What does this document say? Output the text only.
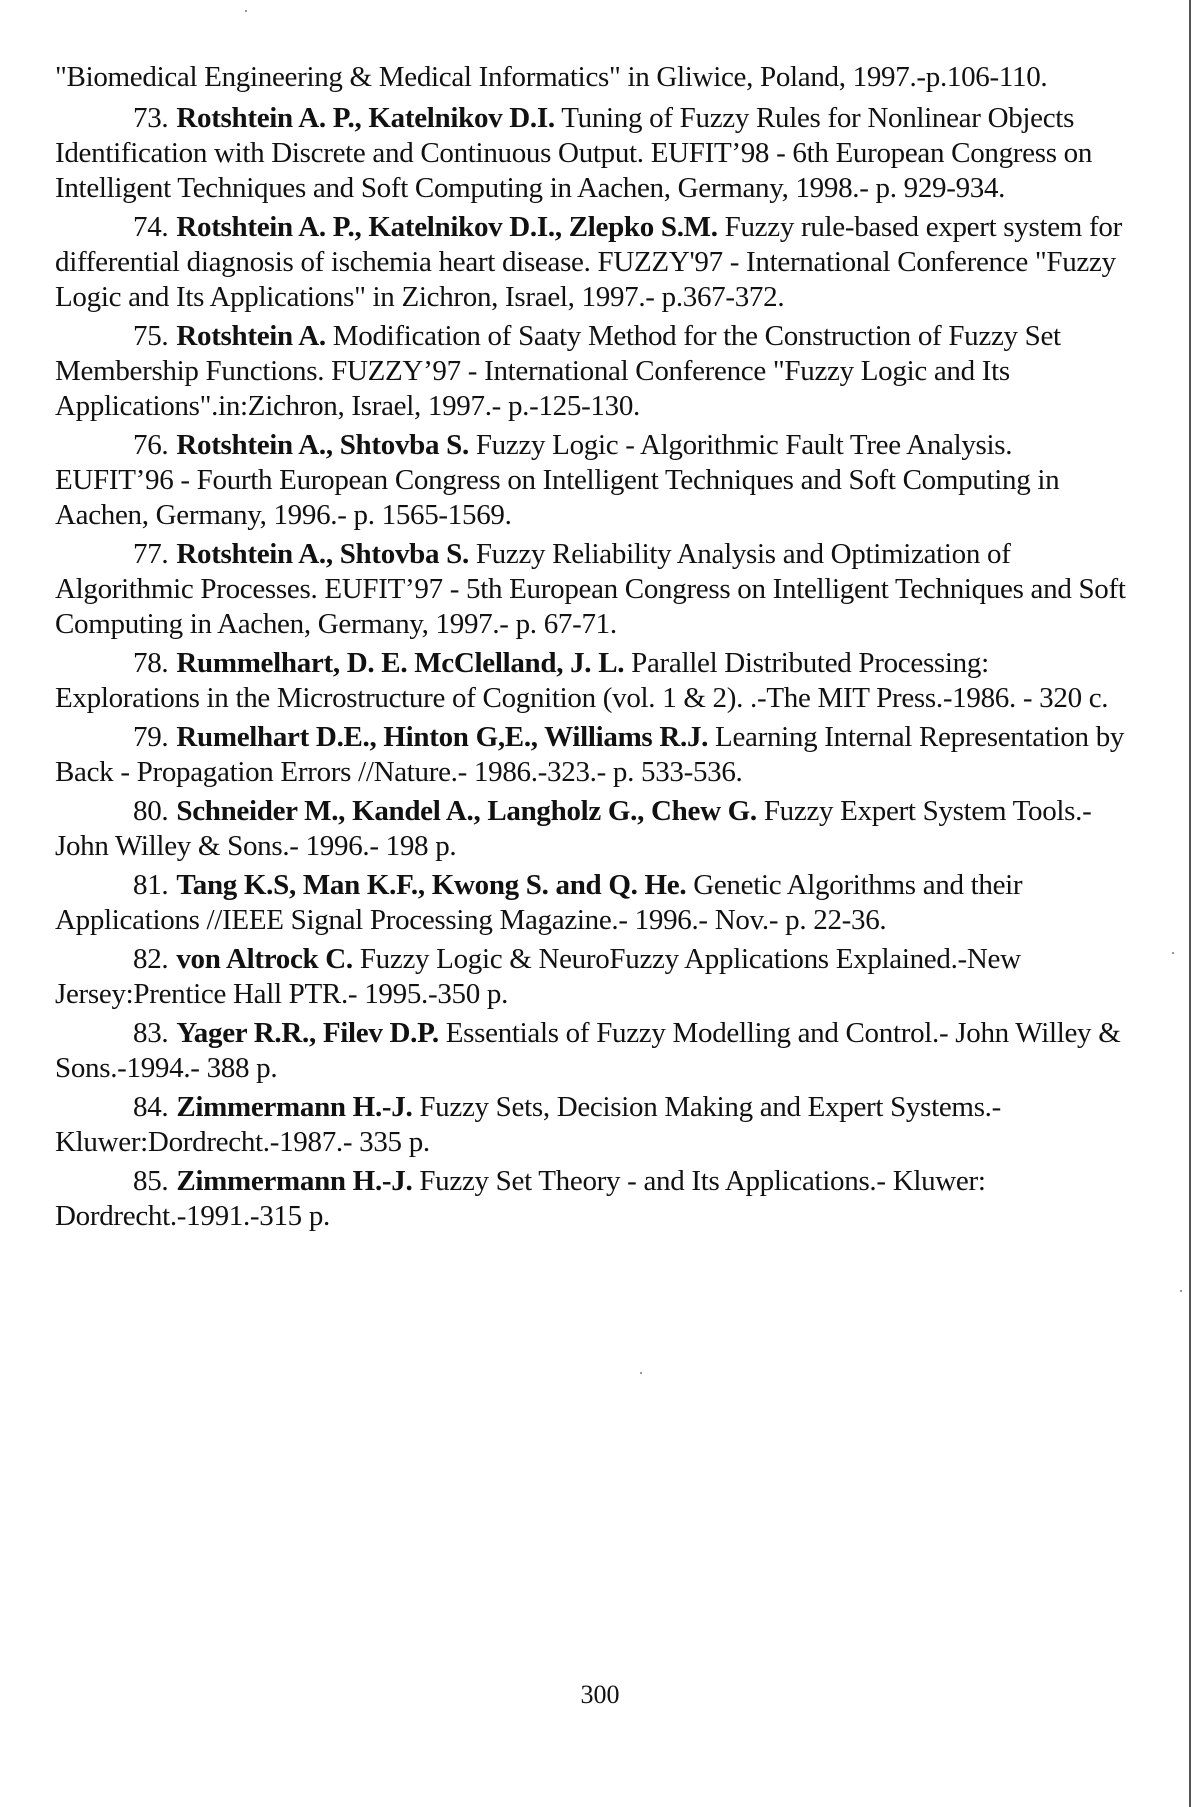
"Biomedical Engineering & Medical Informatics" in Gliwice, Poland, 1997.-p.106-110.

73. Rotshtein A. P., Katelnikov D.I. Tuning of Fuzzy Rules for Nonlinear Objects Identification with Discrete and Continuous Output. EUFIT’98 - 6th European Congress on Intelligent Techniques and Soft Computing in Aachen, Germany, 1998.- p. 929-934.

74. Rotshtein A. P., Katelnikov D.I., Zlepko S.M. Fuzzy rule-based expert system for differential diagnosis of ischemia heart disease. FUZZY'97 - International Conference "Fuzzy Logic and Its Applications" in Zichron, Israel, 1997.- p.367-372.

75. Rotshtein A. Modification of Saaty Method for the Construction of Fuzzy Set Membership Functions. FUZZY’97 - International Conference "Fuzzy Logic and Its Applications".in:Zichron, Israel, 1997.- p.-125-130.

76. Rotshtein A., Shtovba S. Fuzzy Logic - Algorithmic Fault Tree Analysis. EUFIT’96 - Fourth European Congress on Intelligent Techniques and Soft Computing in Aachen, Germany, 1996.- p. 1565-1569.

77. Rotshtein A., Shtovba S. Fuzzy Reliability Analysis and Optimization of Algorithmic Processes. EUFIT’97 - 5th European Congress on Intelligent Techniques and Soft Computing in Aachen, Germany, 1997.- p. 67-71.

78. Rummelhart, D. E. McClelland, J. L. Parallel Distributed Processing: Explorations in the Microstructure of Cognition (vol. 1 & 2). .-The MIT Press.-1986. - 320 c.

79. Rumelhart D.E., Hinton G,E., Williams R.J. Learning Internal Representation by Back - Propagation Errors //Nature.- 1986.-323.- p. 533-536.

80. Schneider M., Kandel A., Langholz G., Chew G. Fuzzy Expert System Tools.- John Willey & Sons.- 1996.- 198 p.

81. Tang K.S, Man K.F., Kwong S. and Q. He. Genetic Algorithms and their Applications //IEEE Signal Processing Magazine.- 1996.- Nov.- p. 22-36.

82. von Altrock C. Fuzzy Logic & NeuroFuzzy Applications Explained.-New Jersey:Prentice Hall PTR.- 1995.-350 p.

83. Yager R.R., Filev D.P. Essentials of Fuzzy Modelling and Control.- John Willey & Sons.-1994.- 388 p.

84. Zimmermann H.-J. Fuzzy Sets, Decision Making and Expert Systems.- Kluwer:Dordrecht.-1987.- 335 p.

85. Zimmermann H.-J. Fuzzy Set Theory - and Its Applications.- Kluwer: Dordrecht.-1991.-315 p.

300
